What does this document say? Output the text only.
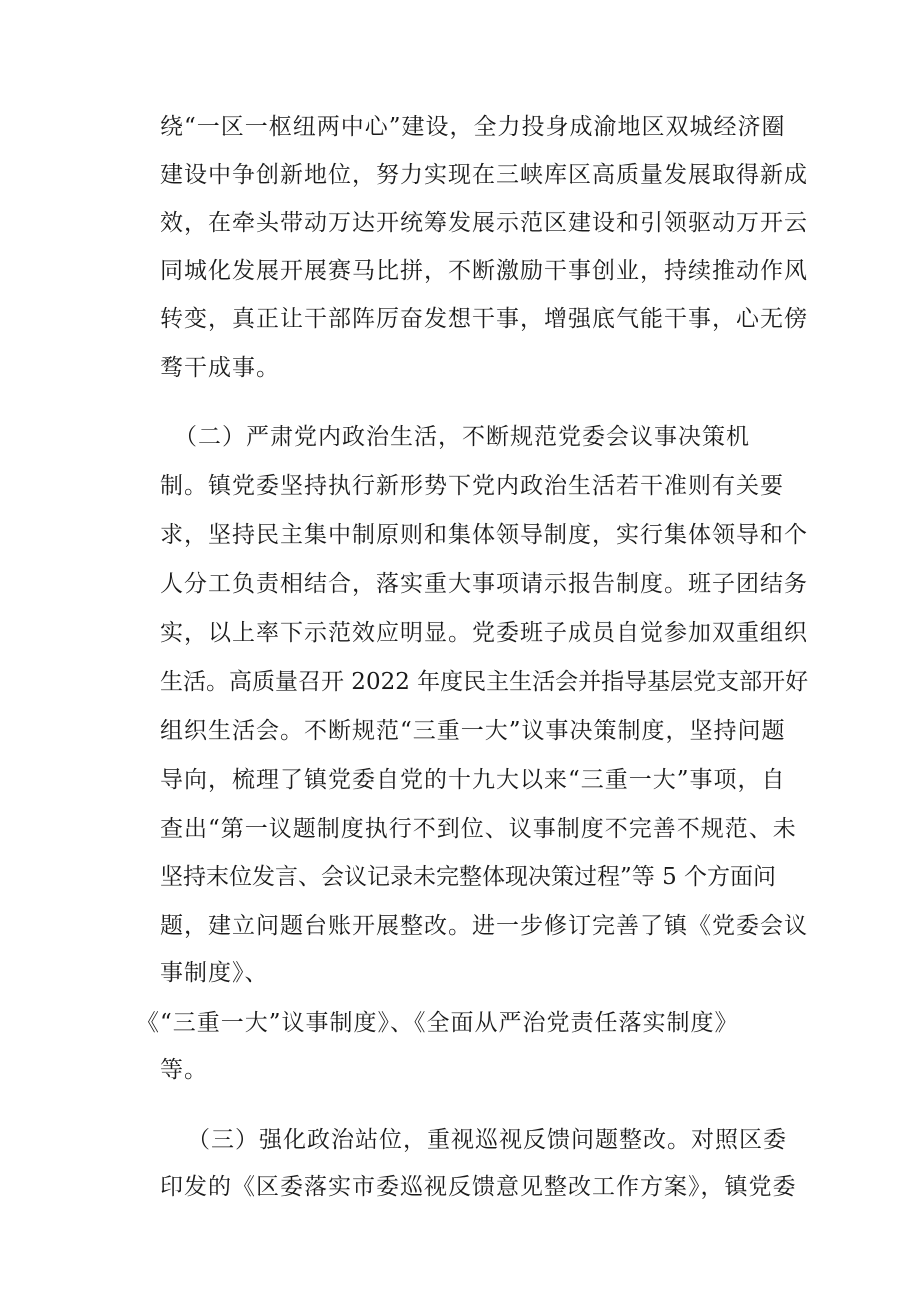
绕“一区一枢纽两中心”建设，全力投身成渝地区双城经济圈
建设中争创新地位，努力实现在三峡库区高质量发展取得新成
效，在牵头带动万达开统筹发展示范区建设和引领驱动万开云
同城化发展开展赛马比拼，不断激励干事创业，持续推动作风
转变，真正让干部阵厉奋发想干事，增强底气能干事，心无傍
骛干成事。
（二）严肃党内政治生活，不断规范党委会议事决策机
制。镇党委坚持执行新形势下党内政治生活若干准则有关要
求，坚持民主集中制原则和集体领导制度，实行集体领导和个
人分工负责相结合，落实重大事项请示报告制度。班子团结务
实，以上率下示范效应明显。党委班子成员自觉参加双重组织
生活。高质量召开 2022 年度民主生活会并指导基层党支部开好
组织生活会。不断规范“三重一大”议事决策制度，坚持问题
导向，梳理了镇党委自党的十九大以来“三重一大”事项，自
查出“第一议题制度执行不到位、议事制度不完善不规范、未
坚持末位发言、会议记录未完整体现决策过程”等 5 个方面问
题，建立问题台账开展整改。进一步修订完善了镇《党委会议
事制度》、
《“三重一大”议事制度》、《全面从严治党责任落实制度》
等。
（三）强化政治站位，重视巡视反馈问题整改。对照区委
印发的《区委落实市委巡视反馈意见整改工作方案》，镇党委
